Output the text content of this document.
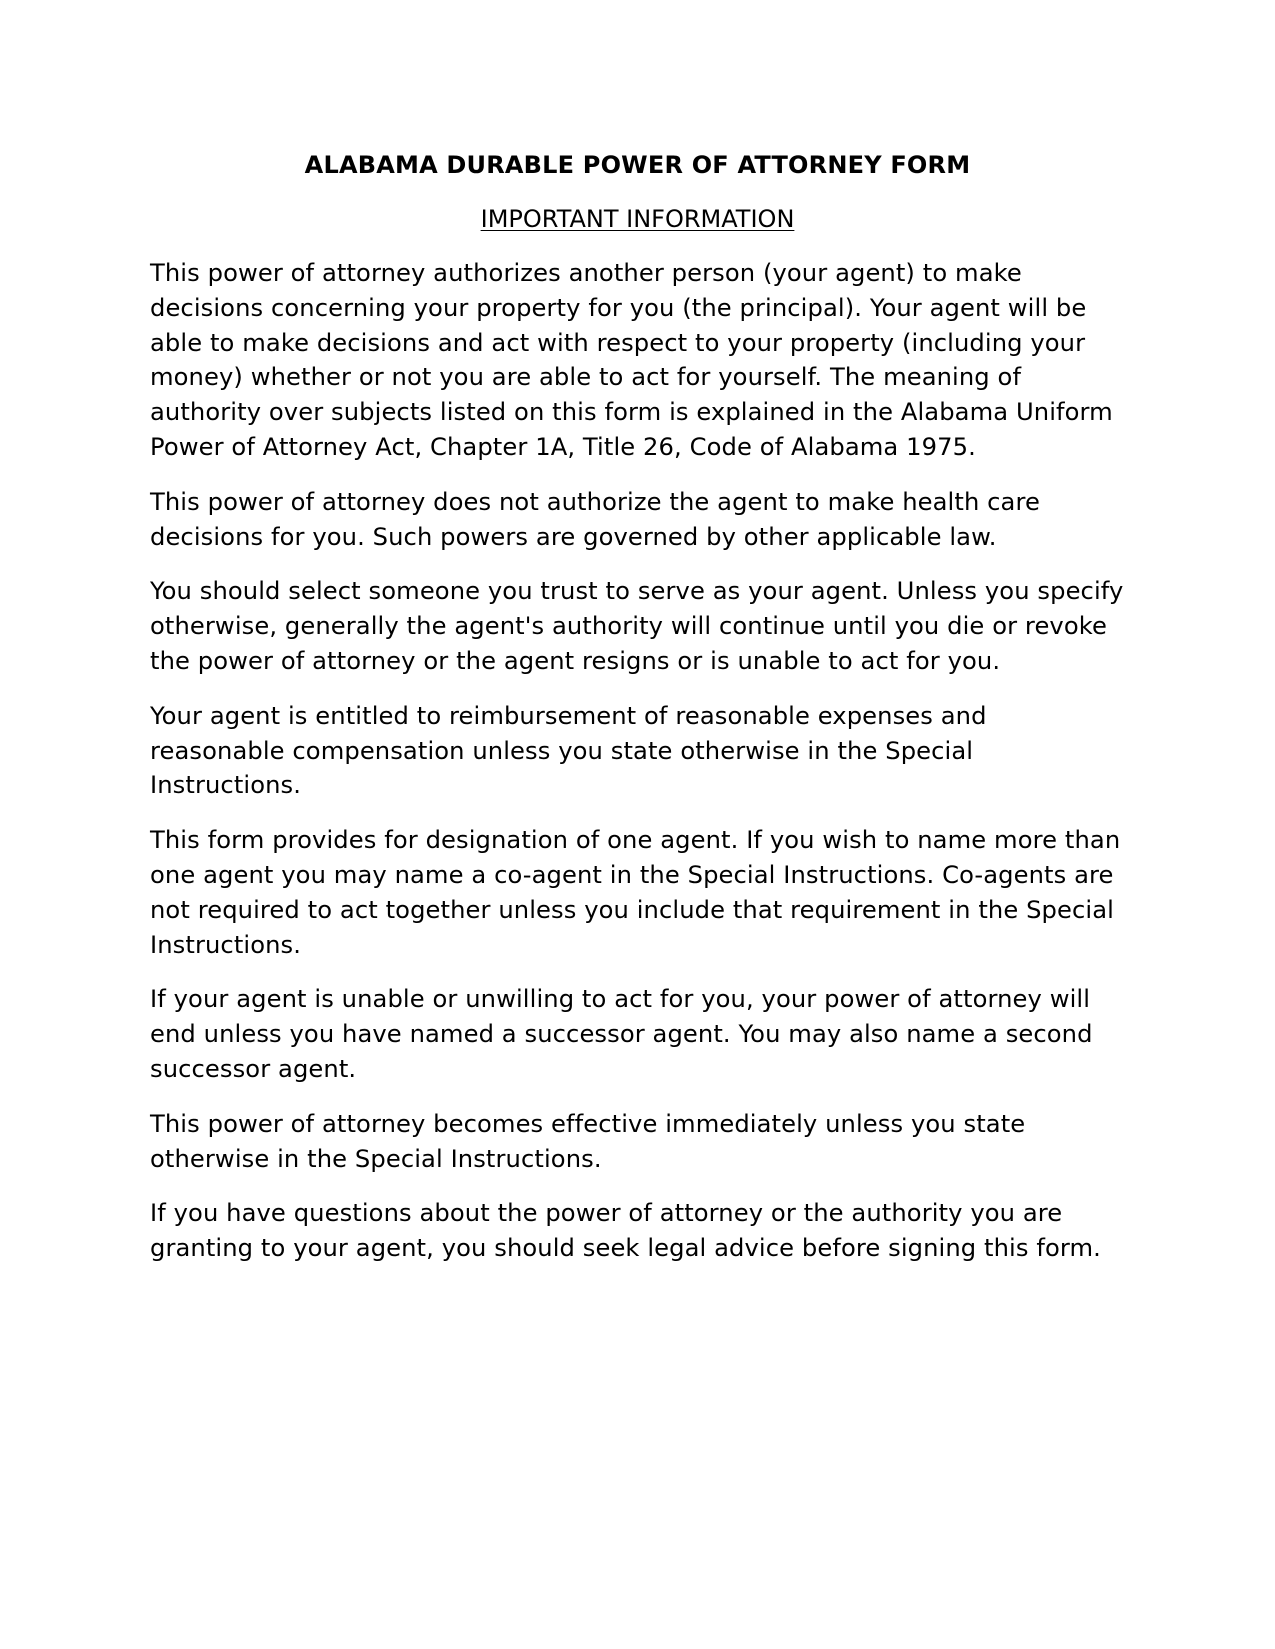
ALABAMA DURABLE POWER OF ATTORNEY FORM
IMPORTANT INFORMATION

This power of attorney authorizes another person (your agent) to make decisions concerning your property for you (the principal). Your agent will be able to make decisions and act with respect to your property (including your money) whether or not you are able to act for yourself. The meaning of authority over subjects listed on this form is explained in the Alabama Uniform Power of Attorney Act, Chapter 1A, Title 26, Code of Alabama 1975.

This power of attorney does not authorize the agent to make health care decisions for you. Such powers are governed by other applicable law.

You should select someone you trust to serve as your agent. Unless you specify otherwise, generally the agent's authority will continue until you die or revoke the power of attorney or the agent resigns or is unable to act for you.

Your agent is entitled to reimbursement of reasonable expenses and reasonable compensation unless you state otherwise in the Special Instructions.

This form provides for designation of one agent. If you wish to name more than one agent you may name a co-agent in the Special Instructions. Co-agents are not required to act together unless you include that requirement in the Special Instructions.

If your agent is unable or unwilling to act for you, your power of attorney will end unless you have named a successor agent. You may also name a second successor agent.

This power of attorney becomes effective immediately unless you state otherwise in the Special Instructions.

If you have questions about the power of attorney or the authority you are granting to your agent, you should seek legal advice before signing this form.
